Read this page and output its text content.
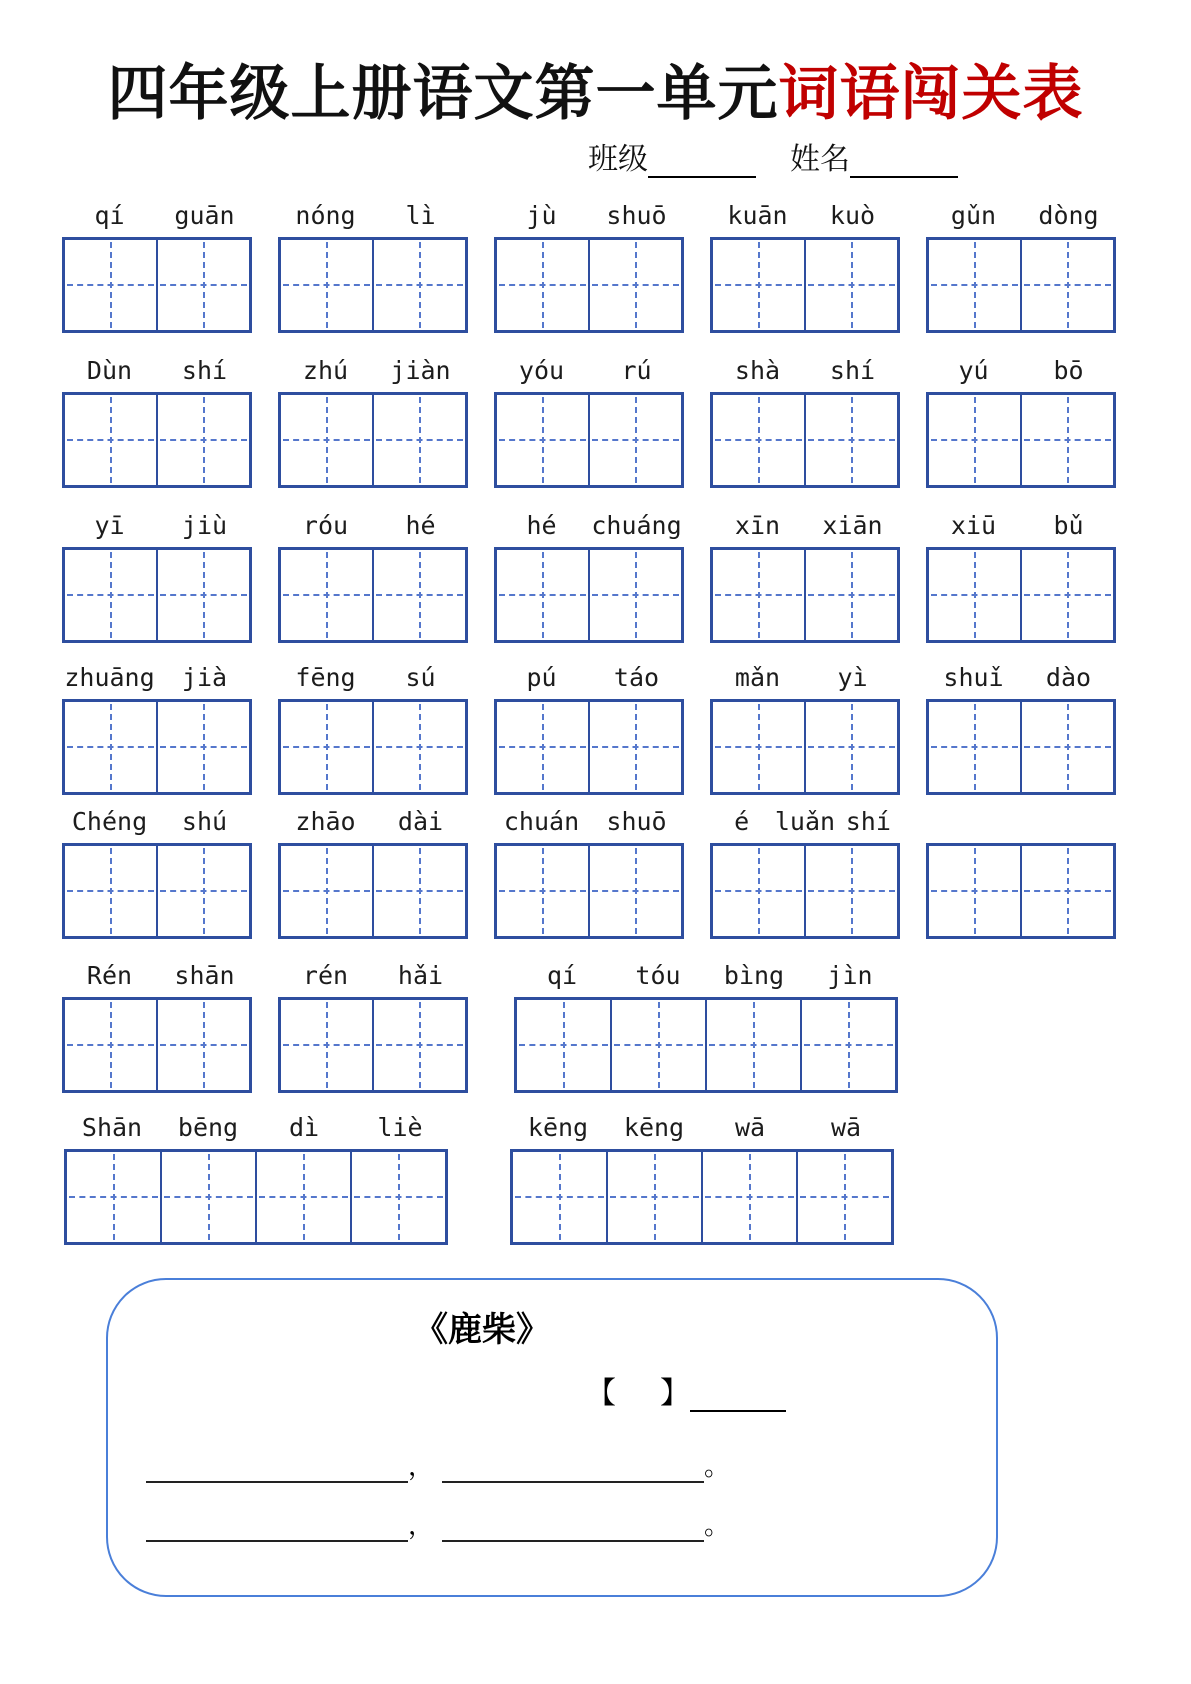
四年级上册语文第一单元词语闯关表
班级	姓名
qí	guān	nóng	lì	jù	shuō	kuān	kuò	gǔn	dòng
Dùn	shí	zhú	jiàn	yóu	rú	shà	shí	yú	bō
yī	jiù	róu	hé	hé	chuáng	xīn	xiān	xiū	bǔ
zhuāng	jià	fēng	sú	pú	táo	mǎn	yì	shuǐ	dào
Chéng	shú	zhāo	dài	chuán	shuō	é	luǎn shí
Rén	shān	rén	hǎi	qí	tóu	bìng	jìn
Shān	bēng	dì	liè	kēng	kēng	wā	wā
《鹿柴》
【 】
，	。
，	。
